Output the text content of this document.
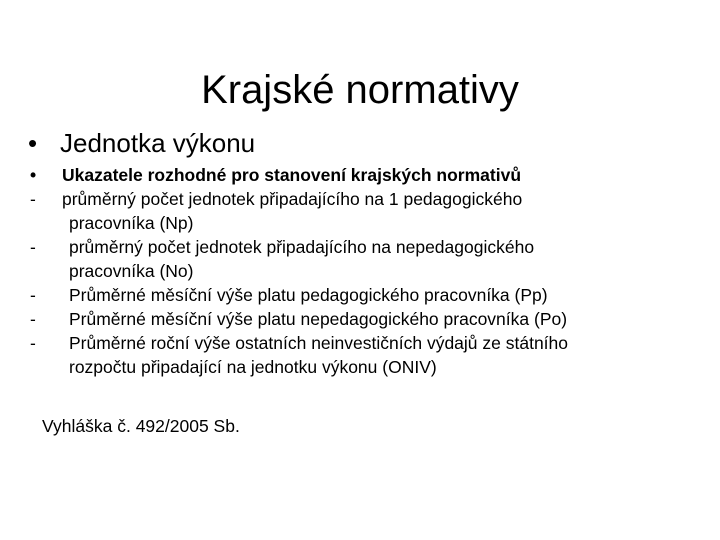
Krajské normativy
• Jednotka výkonu
• Ukazatele rozhodné pro stanovení krajských normativů
- průměrný počet jednotek připadajícího na 1 pedagogického
pracovníka (Np)
- průměrný počet jednotek připadajícího na nepedagogického
pracovníka (No)
- Průměrné měsíční výše platu pedagogického pracovníka (Pp)
- Průměrné měsíční výše platu nepedagogického pracovníka (Po)
- Průměrné roční výše ostatních neinvestičních výdajů ze státního
rozpočtu připadající na jednotku výkonu (ONIV)
Vyhláška č. 492/2005 Sb.
